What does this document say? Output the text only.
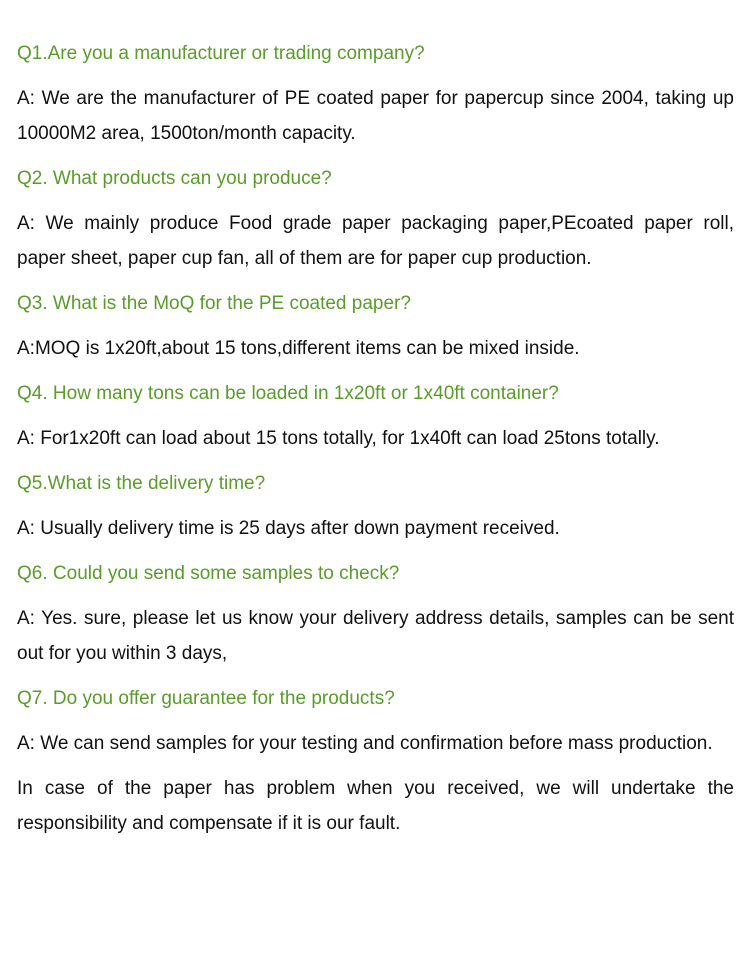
Q1.Are you a manufacturer or trading company?
A: We are the manufacturer of PE coated paper for papercup since 2004, taking up 10000M2 area, 1500ton/month capacity.
Q2. What products can you produce?
A: We mainly produce Food grade paper packaging paper,PEcoated paper roll, paper sheet, paper cup fan, all of them are for paper cup production.
Q3. What is the MoQ for the PE coated paper?
A:MOQ is 1x20ft,about 15 tons,different items can be mixed inside.
Q4. How many tons can be loaded in 1x20ft or 1x40ft container?
A: For1x20ft can load about 15 tons totally, for 1x40ft can load 25tons totally.
Q5.What is the delivery time?
A: Usually delivery time is 25 days after down payment received.
Q6. Could you send some samples to check?
A: Yes. sure, please let us know your delivery address details, samples can be sent out for you within 3 days,
Q7. Do you offer guarantee for the products?
A: We can send samples for your testing and confirmation before mass production.
In case of the paper has problem when you received, we will undertake the responsibility and compensate if it is our fault.
